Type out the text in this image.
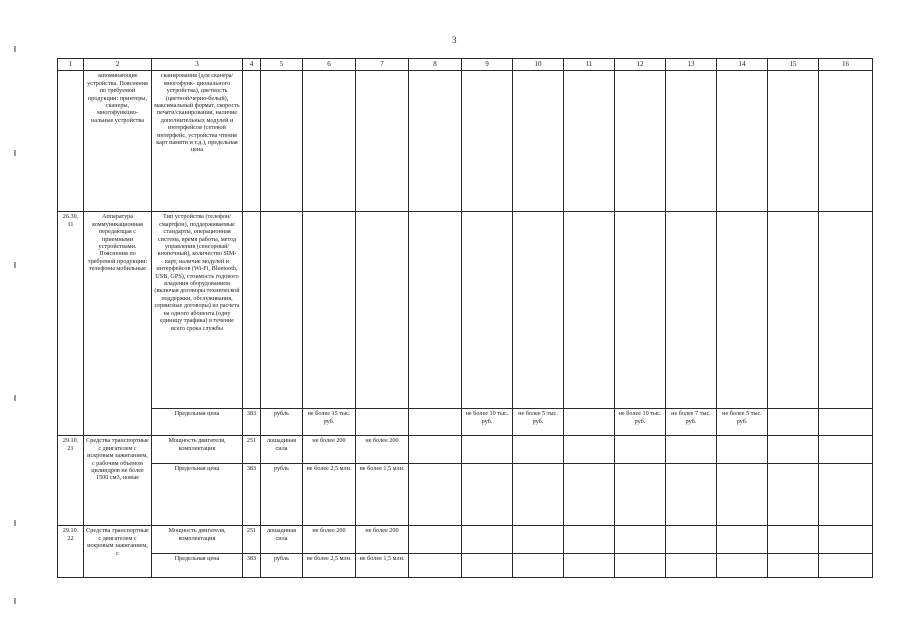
3
1	2	3	4	5	6	7	8	9	10	11	12	13	14	15	16
	запоминающие устройства. Пояснения по требуемой продукции: принтеры, сканеры, многофункцио- нальные устройства	сканирования (для сканера/многофунк- ционального устройства), цветность (цветной/черно-белый), максимальный формат, скорость печати/сканирования, наличие дополнительных модулей и интерфейсов (сетевой интерфейс, устройства чтения карт памяти и т.д.), предельная цена													
26.30. 11	Аппаратура коммуникационная передающая с приемными устройствами. Пояснения по требуемой продукции: телефоны мобильные	Тип устройства (телефон/смартфон), поддерживаемые стандарты, операционная система, время работы, метод управления (сенсорный/кнопочный), количество SIM-карт, наличие модулей и интерфейсов (Wi-Fi, Bluetooth, USB, GPS), стоимость годового владения оборудованием (включая договоры технической поддержки, обслуживания, сервисные договоры) из расчета на одного абонента (одну единицу трафика) в течение всего срока службы													
		Предельная цена	383	рубль	не более 15 тыс. руб.			не более 10 тыс. руб.	не более 5 тыс. руб.		не более 10 тыс. руб.	не более 7 тыс. руб.	не более 5 тыс. руб.		
29.10. 21	Средства транспортные с двигателем с искровым зажиганием, с рабочим объемом цилиндров не более 1500 см3, новые	Мощность двигателя, комплектация	251	лошадиная сила	не более 200	не более 200									
		Предельная цена	383	рубль	не более 2,5 млн.	не более 1,5 млн.									
29.10. 22	Средства транспортные с двигателем с искровым зажиганием, с	Мощность двигателя, комплектация	251	лошадиная сила	не более 200	не более 200									
		Предельная цена	383	рубль	не более 2,5 млн.	не более 1,5 млн.									
